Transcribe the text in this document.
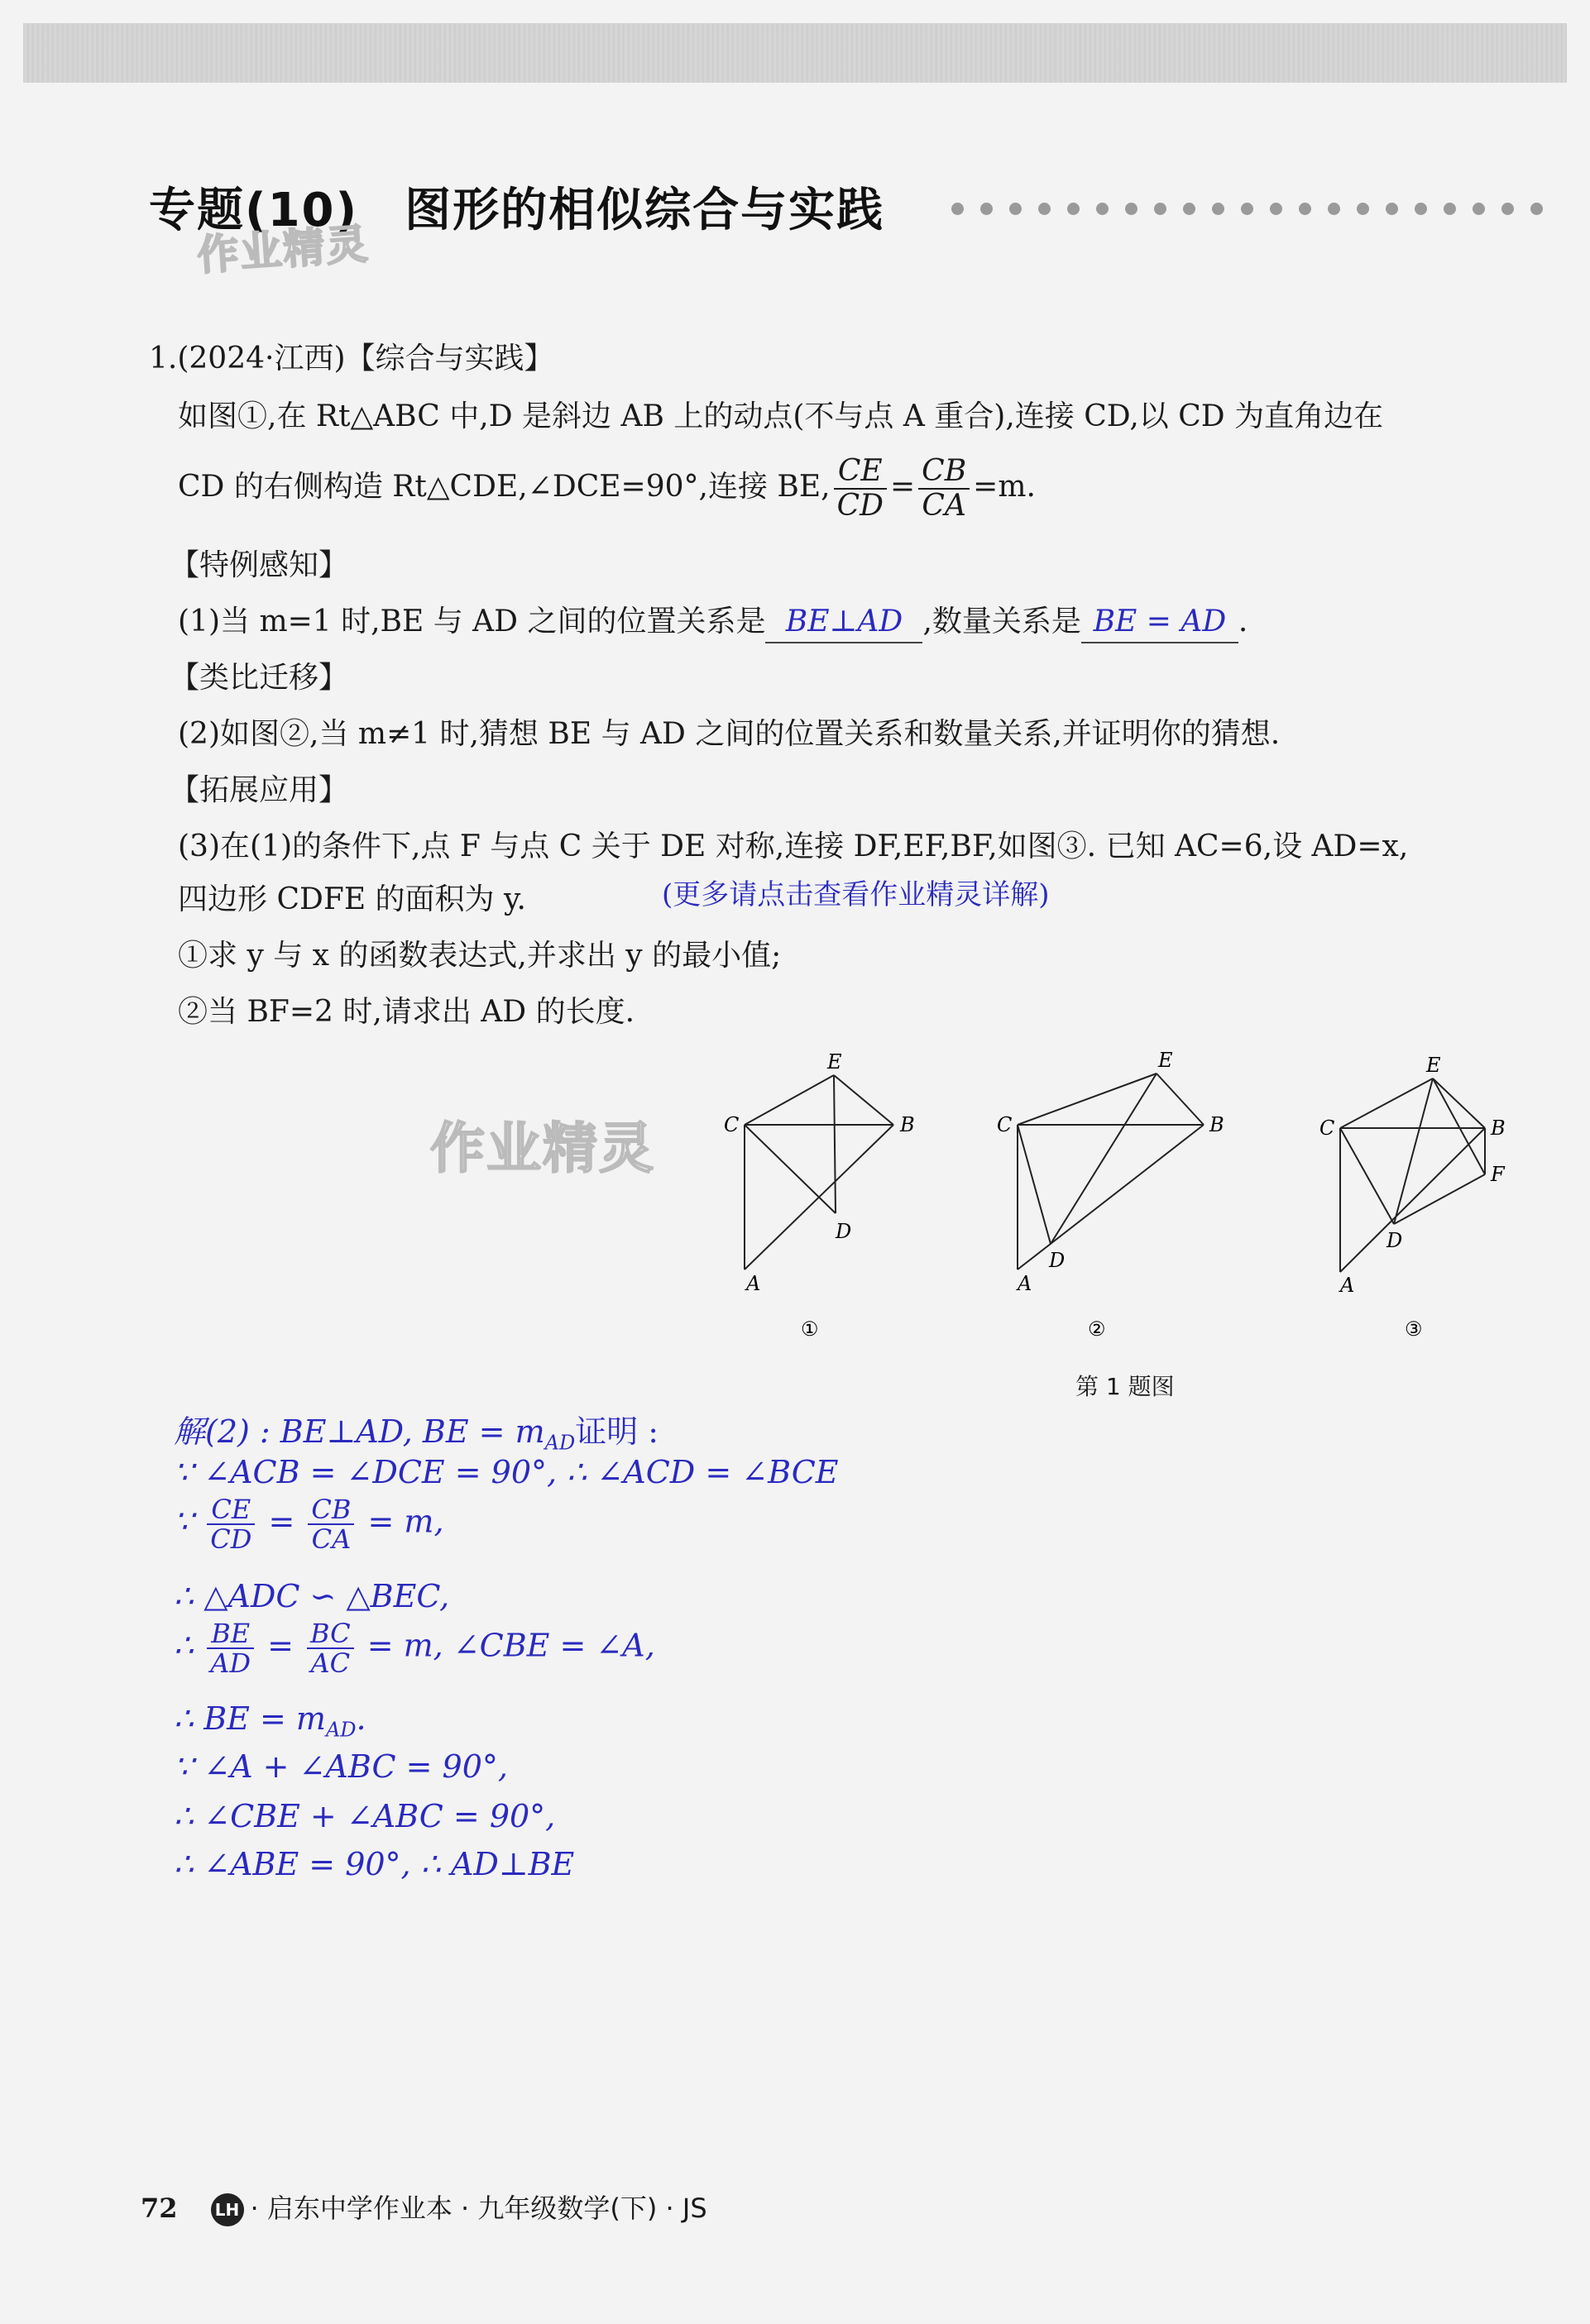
专题(10) 图形的相似综合与实践
作业精灵
作业精灵
1.(2024·江西)【综合与实践】
如图①,在 Rt△ABC 中,D 是斜边 AB 上的动点(不与点 A 重合),连接 CD,以 CD 为直角边在
CD 的右侧构造 Rt△CDE,∠DCE=90°,连接 BE, $\frac{CE}{CD} = \frac{CB}{CA} =m$.
【特例感知】
(1)当 m=1 时,BE 与 AD 之间的位置关系是 BE⊥AD ,数量关系是 BE = AD .
【类比迁移】
(2)如图②,当 m≠1 时,猜想 BE 与 AD 之间的位置关系和数量关系,并证明你的猜想.
【拓展应用】
(3)在(1)的条件下,点 F 与点 C 关于 DE 对称,连接 DF,EF,BF,如图③. 已知 AC=6,设 AD=x,
四边形 CDFE 的面积为 y.	(更多请点击查看作业精灵详解)
①求 y 与 x 的函数表达式,并求出 y 的最小值;
②当 BF=2 时,请求出 AD 的长度.
C	B
E
D
A
①
C	B
E
D
A
②
C	B
E
F
D
A
③
第 1 题图
解(2) : BE⊥AD, BE = $m_{AD}$证明 :
∵ ∠ACB = ∠DCE = 90°, ∴ ∠ACD = ∠BCE
∵ $\frac{CE}{CD} = \frac{CB}{CA} = m$,
∴ △ADC ∽ △BEC,
∴ $\frac{BE}{AD} = \frac{BC}{AC} = m$, ∠CBE = ∠A,
∴ BE = $m_{AD}$.
∵ ∠A + ∠ABC = 90°,
∴ ∠CBE + ∠ABC = 90°,
∴ ∠ABE = 90°, ∴ AD⊥BE
72 LH · 启东中学作业本 · 九年级数学(下) · JS
